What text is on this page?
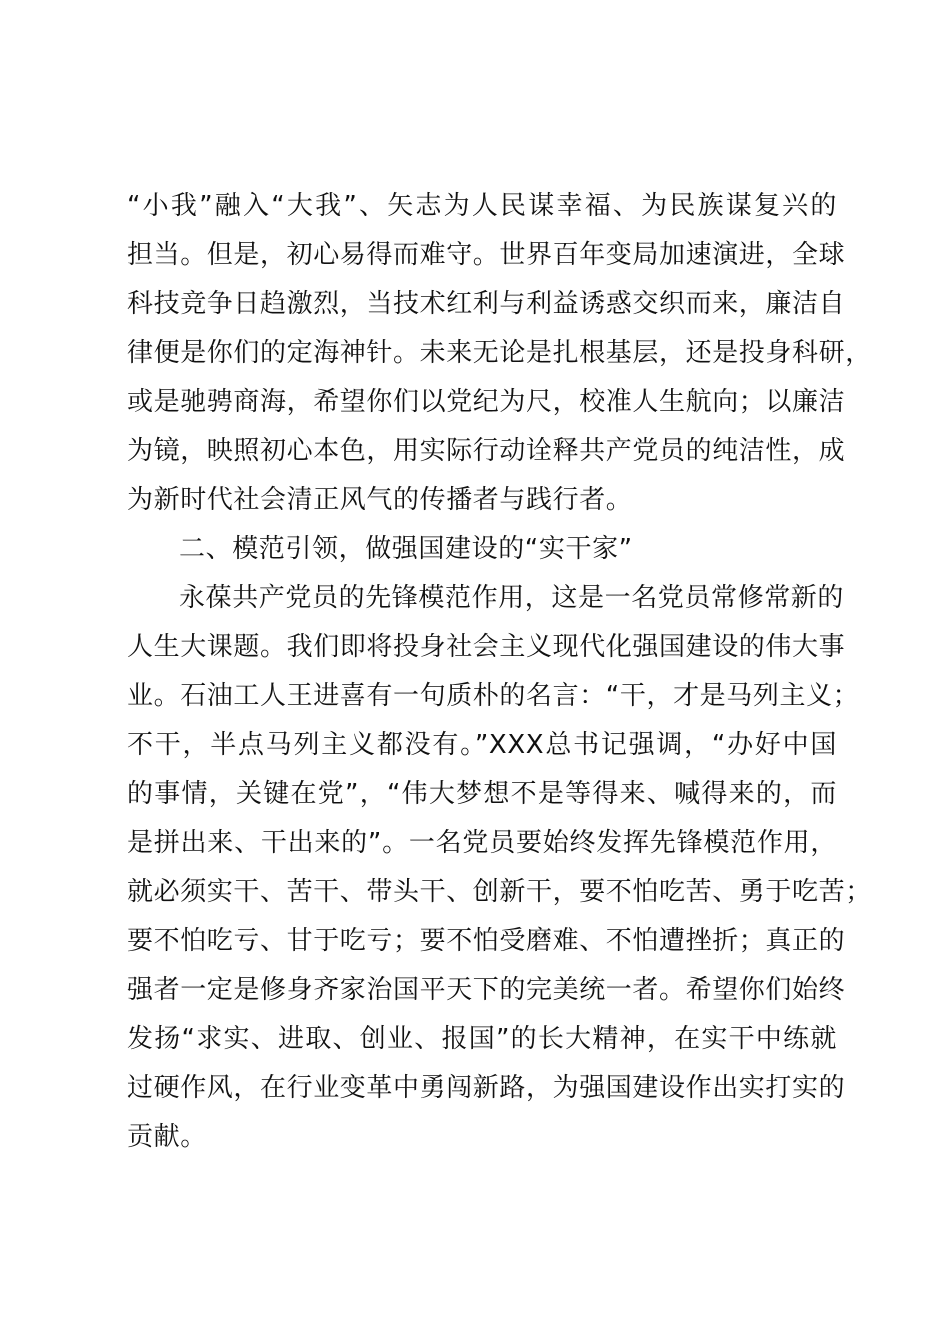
“小我”融入“大我”、矢志为人民谋幸福、为民族谋复兴的
担当。但是，初心易得而难守。世界百年变局加速演进，全球
科技竞争日趋激烈，当技术红利与利益诱惑交织而来，廉洁自
律便是你们的定海神针。未来无论是扎根基层，还是投身科研，
或是驰骋商海，希望你们以党纪为尺，校准人生航向；以廉洁
为镜，映照初心本色，用实际行动诠释共产党员的纯洁性，成
为新时代社会清正风气的传播者与践行者。
二、模范引领，做强国建设的“实干家”
永葆共产党员的先锋模范作用，这是一名党员常修常新的
人生大课题。我们即将投身社会主义现代化强国建设的伟大事
业。石油工人王进喜有一句质朴的名言：“干，才是马列主义；
不干，半点马列主义都没有。”XXX总书记强调，“办好中国
的事情，关键在党”，“伟大梦想不是等得来、喊得来的，而
是拼出来、干出来的”。一名党员要始终发挥先锋模范作用，
就必须实干、苦干、带头干、创新干，要不怕吃苦、勇于吃苦；
要不怕吃亏、甘于吃亏；要不怕受磨难、不怕遭挫折；真正的
强者一定是修身齐家治国平天下的完美统一者。希望你们始终
发扬“求实、进取、创业、报国”的长大精神，在实干中练就
过硬作风，在行业变革中勇闯新路，为强国建设作出实打实的
贡献。
